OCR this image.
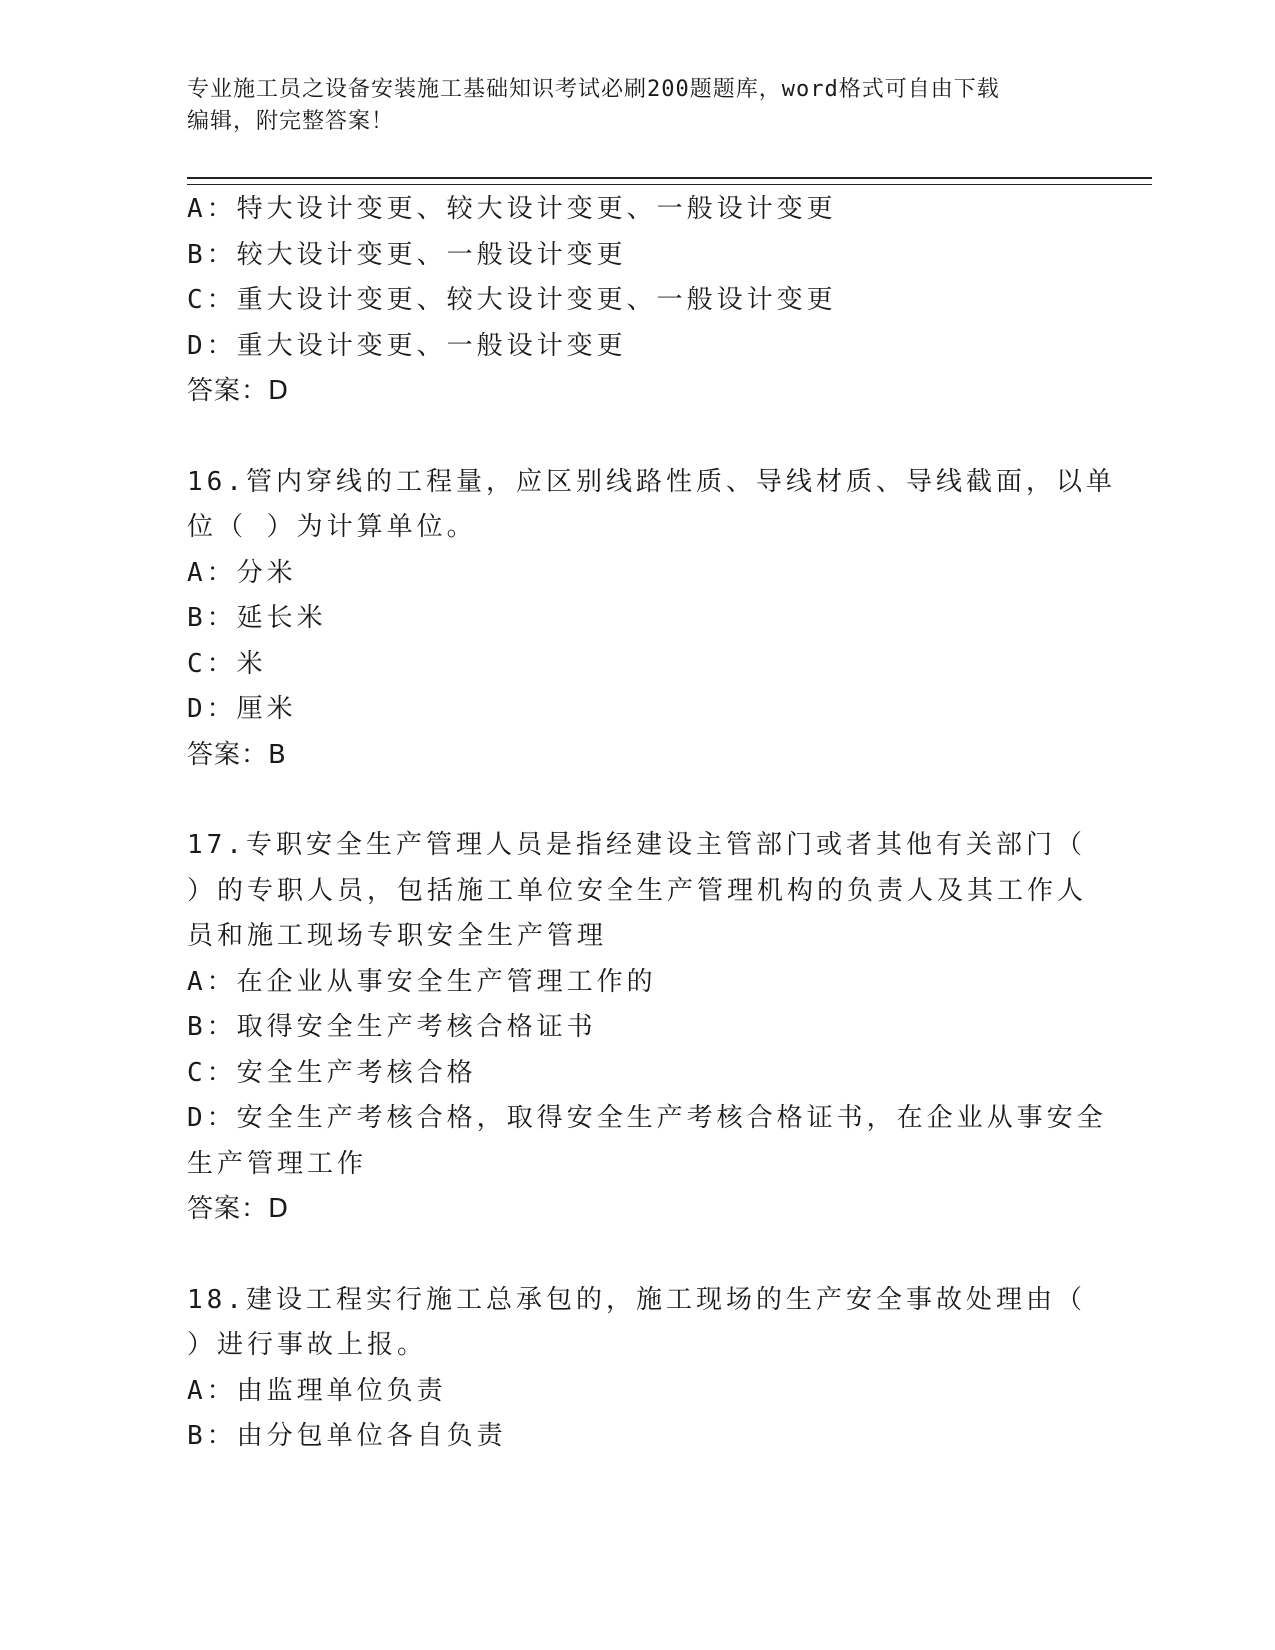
专业施工员之设备安装施工基础知识考试必刷200题题库，word格式可自由下载
编辑，附完整答案！
A：特大设计变更、较大设计变更、一般设计变更
B：较大设计变更、一般设计变更
C：重大设计变更、较大设计变更、一般设计变更
D：重大设计变更、一般设计变更
答案：D
16.管内穿线的工程量，应区别线路性质、导线材质、导线截面，以单
位（ ）为计算单位。
A：分米
B：延长米
C：米
D：厘米
答案：B
17.专职安全生产管理人员是指经建设主管部门或者其他有关部门（
）的专职人员，包括施工单位安全生产管理机构的负责人及其工作人
员和施工现场专职安全生产管理
A：在企业从事安全生产管理工作的
B：取得安全生产考核合格证书
C：安全生产考核合格
D：安全生产考核合格，取得安全生产考核合格证书，在企业从事安全
生产管理工作
答案：D
18.建设工程实行施工总承包的，施工现场的生产安全事故处理由（
）进行事故上报。
A：由监理单位负责
B：由分包单位各自负责
